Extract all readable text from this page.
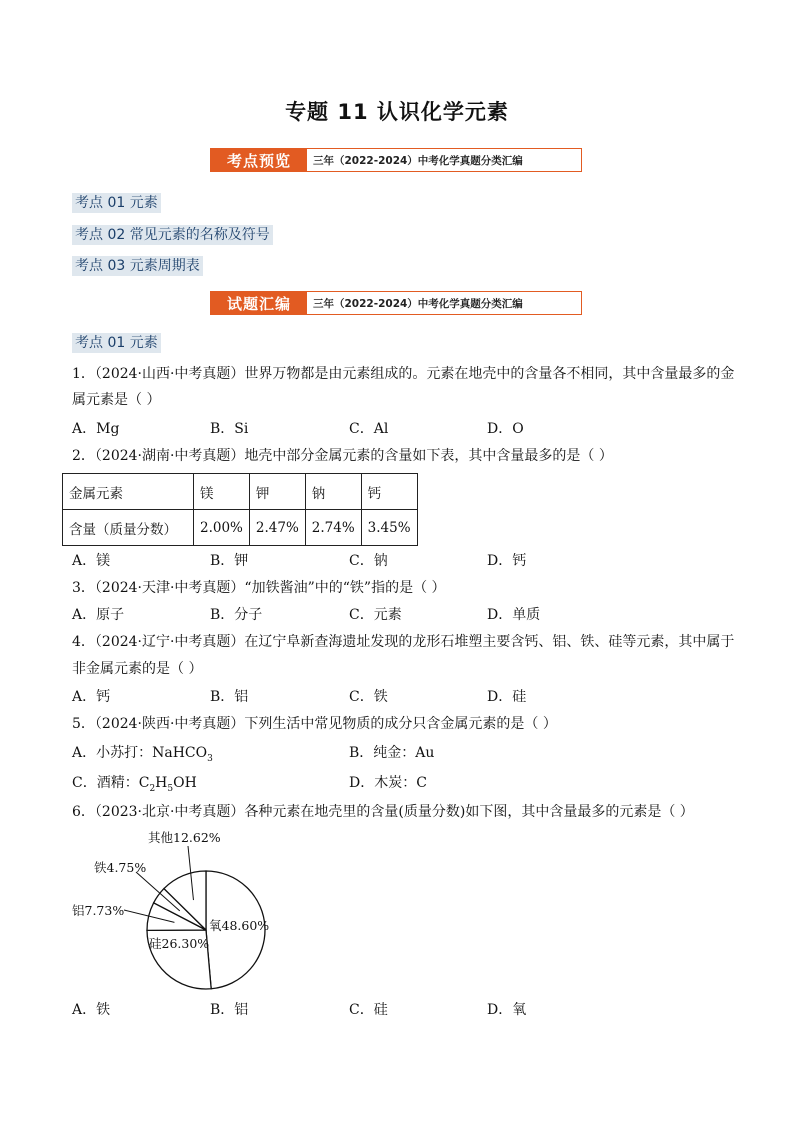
专题 11 认识化学元素
考点预览	三年（2022-2024）中考化学真题分类汇编
考点 01 元素
考点 02 常见元素的名称及符号
考点 03 元素周期表
试题汇编	三年（2022-2024）中考化学真题分类汇编
考点 01 元素
1．（2024·山西·中考真题）世界万物都是由元素组成的。元素在地壳中的含量各不相同，其中含量最多的金
属元素是（ ）
A．Mg	B．Si	C．Al	D．O
2．（2024·湖南·中考真题）地壳中部分金属元素的含量如下表，其中含量最多的是（ ）
金属元素	镁	钾	钠	钙
含量（质量分数）	2.00%	2.47%	2.74%	3.45%
A．镁	B．钾	C．钠	D．钙
3．（2024·天津·中考真题）“加铁酱油”中的“铁”指的是（ ）
A．原子	B．分子	C．元素	D．单质
4．（2024·辽宁·中考真题）在辽宁阜新查海遗址发现的龙形石堆塑主要含钙、铝、铁、硅等元素，其中属于
非金属元素的是（ ）
A．钙	B．铝	C．铁	D．硅
5．（2024·陕西·中考真题）下列生活中常见物质的成分只含金属元素的是（ ）
A．小苏打：NaHCO$_3$	B．纯金：Au
C．酒精：$C_2H_5OH$	D．木炭：C
6．（2023·北京·中考真题）各种元素在地壳里的含量(质量分数)如下图，其中含量最多的元素是（ ）
氧48.60%
硅26.30%
铝7.73%
铁4.75%
其他12.62%
A．铁	B．铝	C．硅	D．氧
